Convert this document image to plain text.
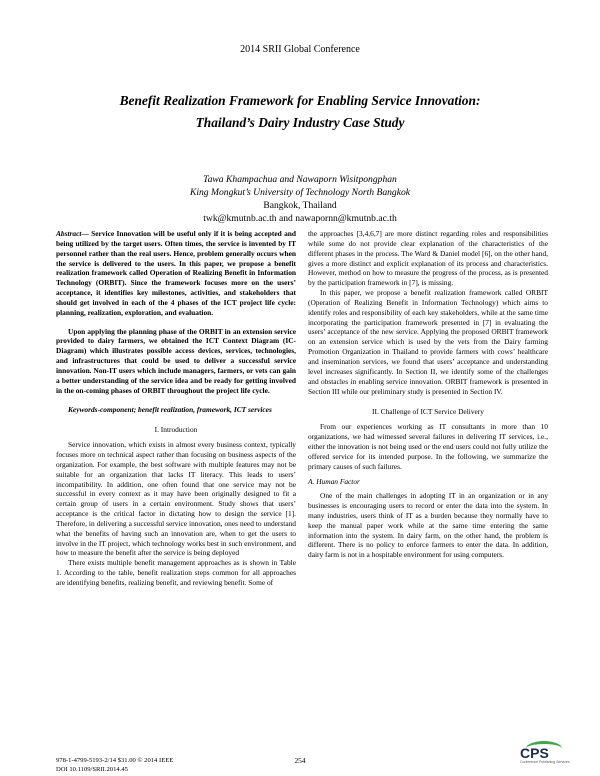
2014 SRII Global Conference
Benefit Realization Framework for Enabling Service Innovation:
Thailand’s Dairy Industry Case Study
Tawa Khampachua and Nawaporn Wisitpongphan
King Mongkut’s University of Technology North Bangkok
Bangkok, Thailand
twk@kmutnb.ac.th and nawapornn@kmutnb.ac.th

Abstract— Service Innovation will be useful only if it is being accepted and being utilized by the target users. Often times, the service is invented by IT personnel rather than the real users. Hence, problem generally occurs when the service is delivered to the users. In this paper, we propose a benefit realization framework called Operation of Realizing Benefit in Information Technology (ORBIT). Since the framework focuses more on the users’ acceptance, it identifies key milestones, activities, and stakeholders that should get involved in each of the 4 phases of the ICT project life cycle: planning, realization, exploration, and evaluation.

Upon applying the planning phase of the ORBIT in an extension service provided to dairy farmers, we obtained the ICT Context Diagram (IC-Diagram) which illustrates possible access devices, services, technologies, and infrastructures that could be used to deliver a successful service innovation. Non-IT users which include managers, farmers, or vets can gain a better understanding of the service idea and be ready for getting involved in the on-coming phases of ORBIT throughout the project life cycle.

Keywords-component; benefit realization, framework, ICT services

I. Introduction

Service innovation, which exists in almost every business context, typically focuses more on technical aspect rather than focusing on business aspects of the organization. For example, the best software with multiple features may not be suitable for an organization that lacks IT literacy. This leads to users’ incompatibility. In addition, one often found that one service may not be successful in every context as it may have been originally designed to fit a certain group of users in a certain environment. Study shows that users’ acceptance is the critical factor in dictating how to design the service [1]. Therefore, in delivering a successful service innovation, ones need to understand what the benefits of having such an innovation are, when to get the users to involve in the IT project, which technology works best in such environment, and how to measure the benefit after the service is being deployed

There exists multiple benefit management approaches as is shown in Table 1. According to the table, benefit realization steps common for all approaches are identifying benefits, realizing benefit, and reviewing benefit. Some of

the approaches [3,4,6,7] are more distinct regarding roles and responsibilities while some do not provide clear explanation of the characteristics of the different phases in the process. The Ward & Daniel model [6], on the other hand, gives a more distinct and explicit explanation of its process and characteristics. However, method on how to measure the progress of the process, as is presented by the participation framework in [7], is missing.

In this paper, we propose a benefit realization framework called ORBIT (Operation of Realizing Benefit in Information Technology) which aims to identify roles and responsibility of each key stakeholders, while at the same time incorporating the participation framework presented in [7] in evaluating the users’ acceptance of the new service. Applying the proposed ORBIT framework on an extension service which is used by the vets from the Dairy farming Promotion Organization in Thailand to provide farmers with cows’ healthcare and insemination services, we found that users’ acceptance and understanding level increases significantly. In Section II, we identify some of the challenges and obstacles in enabling service innovation. ORBIT framework is presented in Section III while our preliminary study is presented in Section IV.

II. Challenge of ICT Service Delivery

From our experiences working as IT consultants in more than 10 organizations, we had witnessed several failures in delivering IT services, i.e., either the innovation is not being used or the end users could not fully utilize the offered service for its intended purpose. In the following, we summarize the primary causes of such failures.

A. Human Factor

One of the main challenges in adopting IT in an organization or in any businesses is encouraging users to record or enter the data into the system. In many industries, users think of IT as a burden because they normally have to keep the manual paper work while at the same time entering the same information into the system. In dairy farm, on the other hand, the problem is different. There is no policy to enforce farmers to enter the data. In addition, dairy farm is not in a hospitable environment for using computers.

978-1-4799-5193-2/14 $31.00 © 2014 IEEE
DOI 10.1109/SRII.2014.45
254	CPS
Conference Publishing Services
